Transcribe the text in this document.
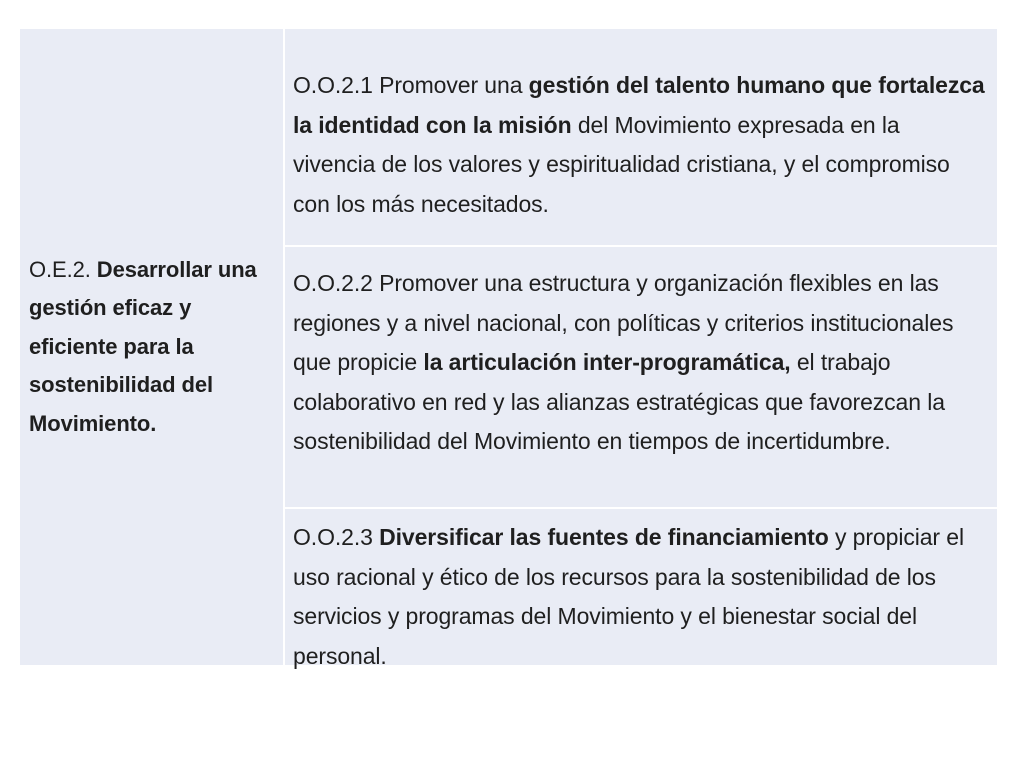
O.E.2. Desarrollar una gestión eficaz y eficiente para la sostenibilidad del Movimiento.

O.O.2.1 Promover una gestión del talento humano que fortalezca la identidad con la misión del Movimiento expresada en la vivencia de los valores y espiritualidad cristiana, y el compromiso con los más necesitados.

O.O.2.2 Promover una estructura y organización flexibles en las regiones y a nivel nacional, con políticas y criterios institucionales que propicie la articulación inter-programática, el trabajo colaborativo en red y las alianzas estratégicas que favorezcan la sostenibilidad del Movimiento en tiempos de incertidumbre.

O.O.2.3 Diversificar las fuentes de financiamiento y propiciar el uso racional y ético de los recursos para la sostenibilidad de los servicios y programas del Movimiento y el bienestar social del personal.
